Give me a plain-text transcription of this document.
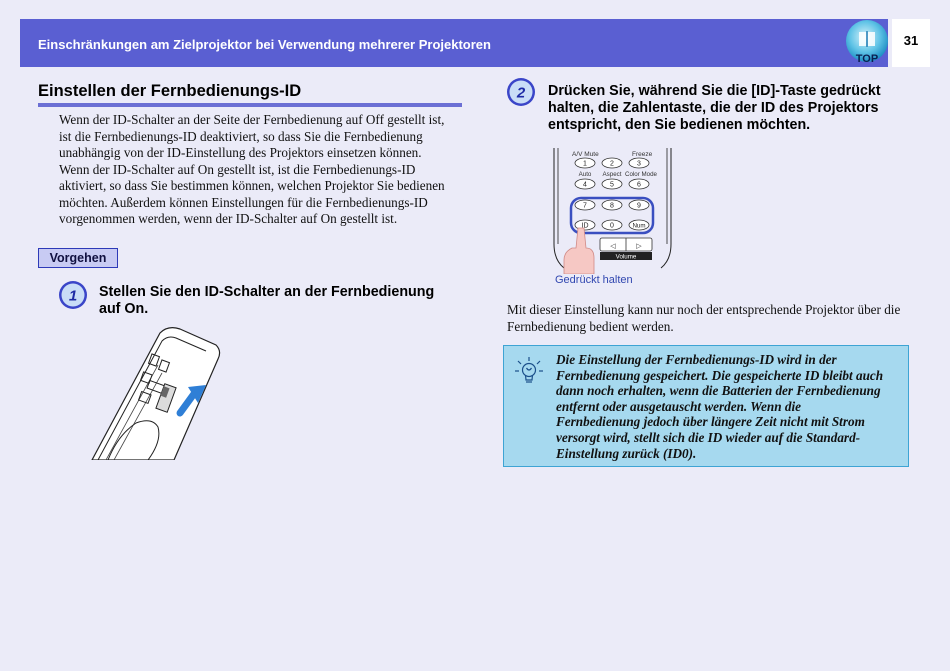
Einschränkungen am Zielprojektor bei Verwendung mehrerer Projektoren
TOP
31
Einstellen der Fernbedienungs-ID

Wenn der ID-Schalter an der Seite der Fernbedienung auf Off gestellt ist,

ist die Fernbedienungs-ID deaktiviert, so dass Sie die Fernbedienung

unabhängig von der ID-Einstellung des Projektors einsetzen können.

Wenn der ID-Schalter auf On gestellt ist, ist die Fernbedienungs-ID

aktiviert, so dass Sie bestimmen können, welchen Projektor Sie bedienen

möchten. Außerdem können Einstellungen für die Fernbedienungs-ID

vorgenommen werden, wenn der ID-Schalter auf On gestellt ist.

Vorgehen
1 Stellen Sie den ID-Schalter an der Fernbedienung
auf On.
2 Drücken Sie, während Sie die [ID]-Taste gedrückt
halten, die Zahlentaste, die der ID des Projektors
entspricht, den Sie bedienen möchten.
A/V Mute	Freeze
1	2	3
Auto Aspect Color Mode
4	5	6
7	8	9
ID	0	Num
◁	▷
Volume
Gedrückt halten
Mit dieser Einstellung kann nur noch der entsprechende Projektor über die
Fernbedienung bedient werden.
Die Einstellung der Fernbedienungs-ID wird in der
Fernbedienung gespeichert. Die gespeicherte ID bleibt auch
dann noch erhalten, wenn die Batterien der Fernbedienung
entfernt oder ausgetauscht werden. Wenn die
Fernbedienung jedoch über längere Zeit nicht mit Strom
versorgt wird, stellt sich die ID wieder auf die Standard-
Einstellung zurück (ID0).
